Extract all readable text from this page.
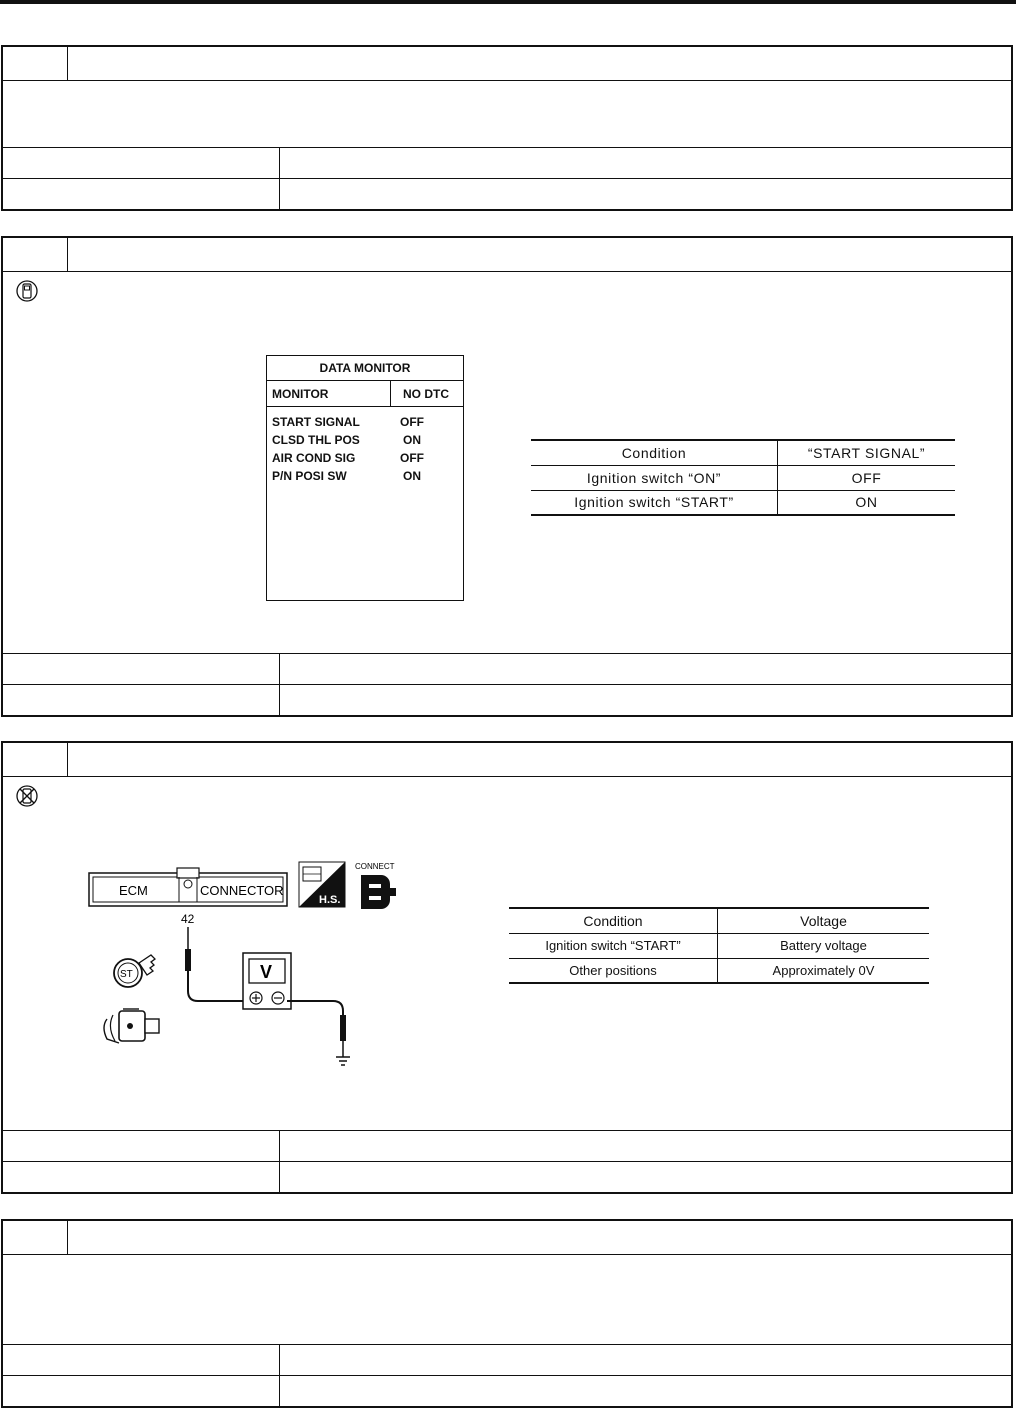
DATA MONITOR
MONITOR	NO DTC
START SIGNAL	OFF
CLSD THL POS	ON
AIR COND SIG	OFF
P/N POSI SW	ON
Condition	“START SIGNAL”
Ignition switch “ON”	OFF
Ignition switch “START”	ON
ECM	CONNECTOR
H.S.
CONNECT
42
V
ST
Condition	Voltage
Ignition switch “START”	Battery voltage
Other positions	Approximately 0V
